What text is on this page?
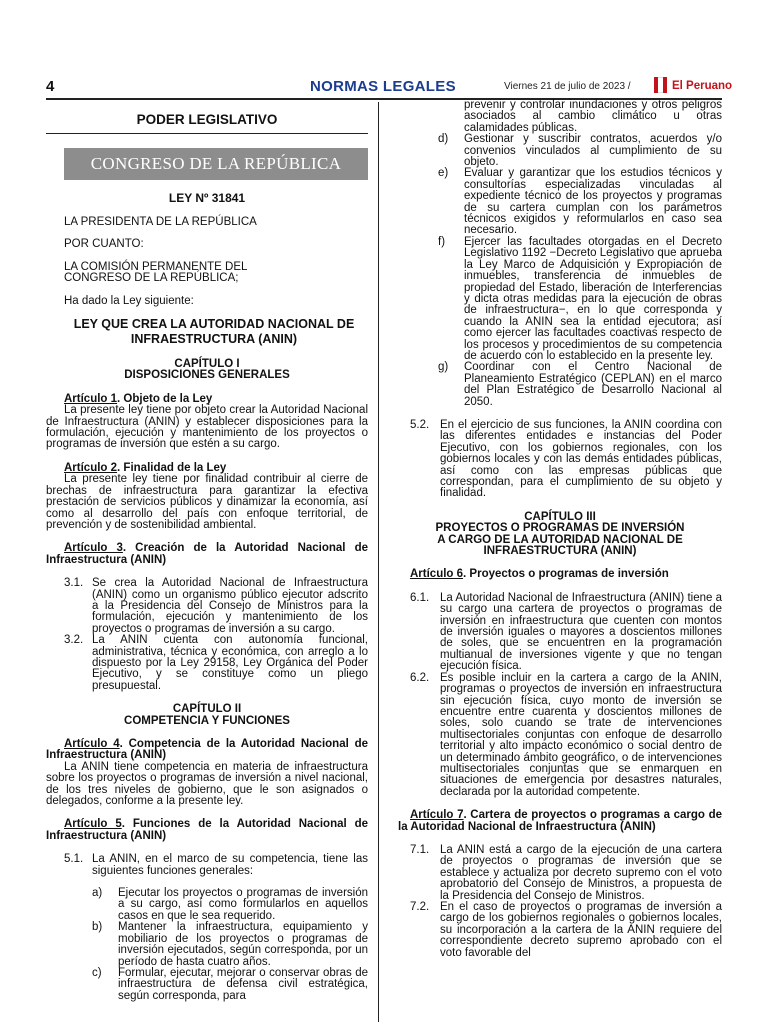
4	NORMAS LEGALES	Viernes 21 de julio de 2023 /	El Peruano
PODER LEGISLATIVO
CONGRESO DE LA REPÚBLICA
LEY Nº 31841

LA PRESIDENTA DE LA REPÚBLICA

POR CUANTO:

LA COMISIÓN PERMANENTE DEL CONGRESO DE LA REPÚBLICA;

Ha dado la Ley siguiente:

LEY QUE CREA LA AUTORIDAD NACIONAL DE INFRAESTRUCTURA (ANIN)
CAPÍTULO I
DISPOSICIONES GENERALES
Artículo 1. Objeto de la Ley

La presente ley tiene por objeto crear la Autoridad Nacional de Infraestructura (ANIN) y establecer disposiciones para la formulación, ejecución y mantenimiento de los proyectos o programas de inversión que estén a su cargo.

Artículo 2. Finalidad de la Ley

La presente ley tiene por finalidad contribuir al cierre de brechas de infraestructura para garantizar la efectiva prestación de servicios públicos y dinamizar la economía, así como al desarrollo del país con enfoque territorial, de prevención y de sostenibilidad ambiental.

Artículo 3. Creación de la Autoridad Nacional de Infraestructura (ANIN)
3.1. Se crea la Autoridad Nacional de Infraestructura (ANIN) como un organismo público ejecutor adscrito a la Presidencia del Consejo de Ministros para la formulación, ejecución y mantenimiento de los proyectos o programas de inversión a su cargo.
3.2. La ANIN cuenta con autonomía funcional, administrativa, técnica y económica, con arreglo a lo dispuesto por la Ley 29158, Ley Orgánica del Poder Ejecutivo, y se constituye como un pliego presupuestal.
CAPÍTULO II
COMPETENCIA Y FUNCIONES
Artículo 4. Competencia de la Autoridad Nacional de Infraestructura (ANIN)

La ANIN tiene competencia en materia de infraestructura sobre los proyectos o programas de inversión a nivel nacional, de los tres niveles de gobierno, que le son asignados o delegados, conforme a la presente ley.

Artículo 5. Funciones de la Autoridad Nacional de Infraestructura (ANIN)
5.1. La ANIN, en el marco de su competencia, tiene las siguientes funciones generales:
a)	Ejecutar los proyectos o programas de inversión a su cargo, así como formularlos en aquellos casos en que le sea requerido.
b)	Mantener la infraestructura, equipamiento y mobiliario de los proyectos o programas de inversión ejecutados, según corresponda, por un período de hasta cuatro años.
c)	Formular, ejecutar, mejorar o conservar obras de infraestructura de defensa civil estratégica, según corresponda, para

prevenir y controlar inundaciones y otros peligros asociados al cambio climático u otras calamidades públicas.

d)	Gestionar y suscribir contratos, acuerdos y/o convenios vinculados al cumplimiento de su objeto.
e)	Evaluar y garantizar que los estudios técnicos y consultorías especializadas vinculadas al expediente técnico de los proyectos y programas de su cartera cumplan con los parámetros técnicos exigidos y reformularlos en caso sea necesario.
f)	Ejercer las facultades otorgadas en el Decreto Legislativo 1192 −Decreto Legislativo que aprueba la Ley Marco de Adquisición y Expropiación de inmuebles, transferencia de inmuebles de propiedad del Estado, liberación de Interferencias y dicta otras medidas para la ejecución de obras de infraestructura−, en lo que corresponda y cuando la ANIN sea la entidad ejecutora; así como ejercer las facultades coactivas respecto de los procesos y procedimientos de su competencia de acuerdo con lo establecido en la presente ley.
g)	Coordinar con el Centro Nacional de Planeamiento Estratégico (CEPLAN) en el marco del Plan Estratégico de Desarrollo Nacional al 2050.
5.2. En el ejercicio de sus funciones, la ANIN coordina con las diferentes entidades e instancias del Poder Ejecutivo, con los gobiernos regionales, con los gobiernos locales y con las demás entidades públicas, así como con las empresas públicas que correspondan, para el cumplimiento de su objeto y finalidad.
CAPÍTULO III
PROYECTOS O PROGRAMAS DE INVERSIÓN
A CARGO DE LA AUTORIDAD NACIONAL DE
INFRAESTRUCTURA (ANIN)
Artículo 6. Proyectos o programas de inversión
6.1. La Autoridad Nacional de Infraestructura (ANIN) tiene a su cargo una cartera de proyectos o programas de inversión en infraestructura que cuenten con montos de inversión iguales o mayores a doscientos millones de soles, que se encuentren en la programación multianual de inversiones vigente y que no tengan ejecución física.
6.2. Es posible incluir en la cartera a cargo de la ANIN, programas o proyectos de inversión en infraestructura sin ejecución física, cuyo monto de inversión se encuentre entre cuarenta y doscientos millones de soles, solo cuando se trate de intervenciones multisectoriales conjuntas con enfoque de desarrollo territorial y alto impacto económico o social dentro de un determinado ámbito geográfico, o de intervenciones multisectoriales conjuntas que se enmarquen en situaciones de emergencia por desastres naturales, declarada por la autoridad competente.
Artículo 7. Cartera de proyectos o programas a cargo de la Autoridad Nacional de Infraestructura (ANIN)
7.1. La ANIN está a cargo de la ejecución de una cartera de proyectos o programas de inversión que se establece y actualiza por decreto supremo con el voto aprobatorio del Consejo de Ministros, a propuesta de la Presidencia del Consejo de Ministros.
7.2. En el caso de proyectos o programas de inversión a cargo de los gobiernos regionales o gobiernos locales, su incorporación a la cartera de la ANIN requiere del correspondiente decreto supremo aprobado con el voto favorable del
